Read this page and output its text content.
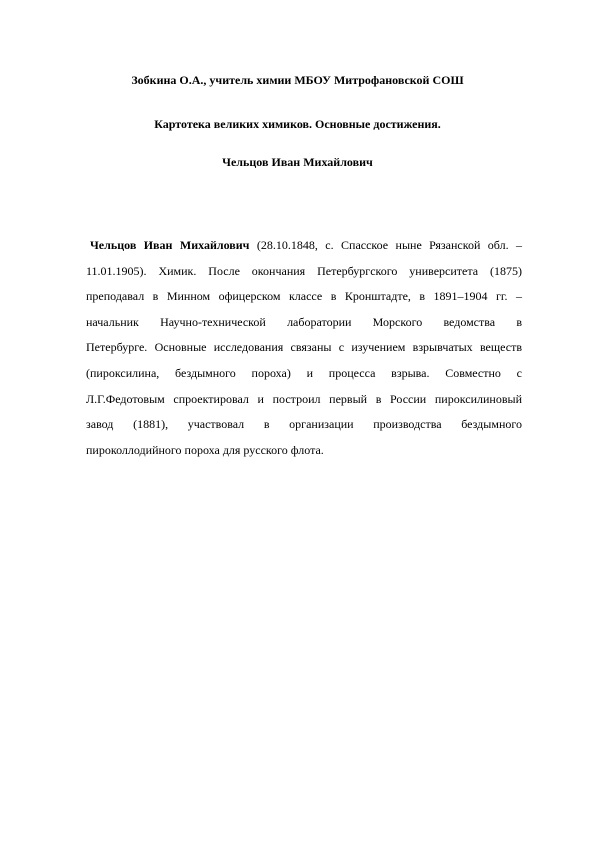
Зобкина О.А., учитель химии МБОУ Митрофановской СОШ
Картотека великих химиков. Основные достижения.
Чельцов Иван Михайлович
Чельцов Иван Михайлович (28.10.1848, с. Спасское ныне Рязанской обл. –
11.01.1905). Химик. После окончания Петербургского университета (1875)
преподавал в Минном офицерском классе в Кронштадте, в 1891–1904 гг. –
начальник Научно-технической лаборатории Морского ведомства в
Петербурге. Основные исследования связаны с изучением взрывчатых веществ
(пироксилина, бездымного пороха) и процесса взрыва. Совместно с
Л.Г.Федотовым спроектировал и построил первый в России пироксилиновый
завод (1881), участвовал в организации производства бездымного
пироколлодийного пороха для русского флота.
